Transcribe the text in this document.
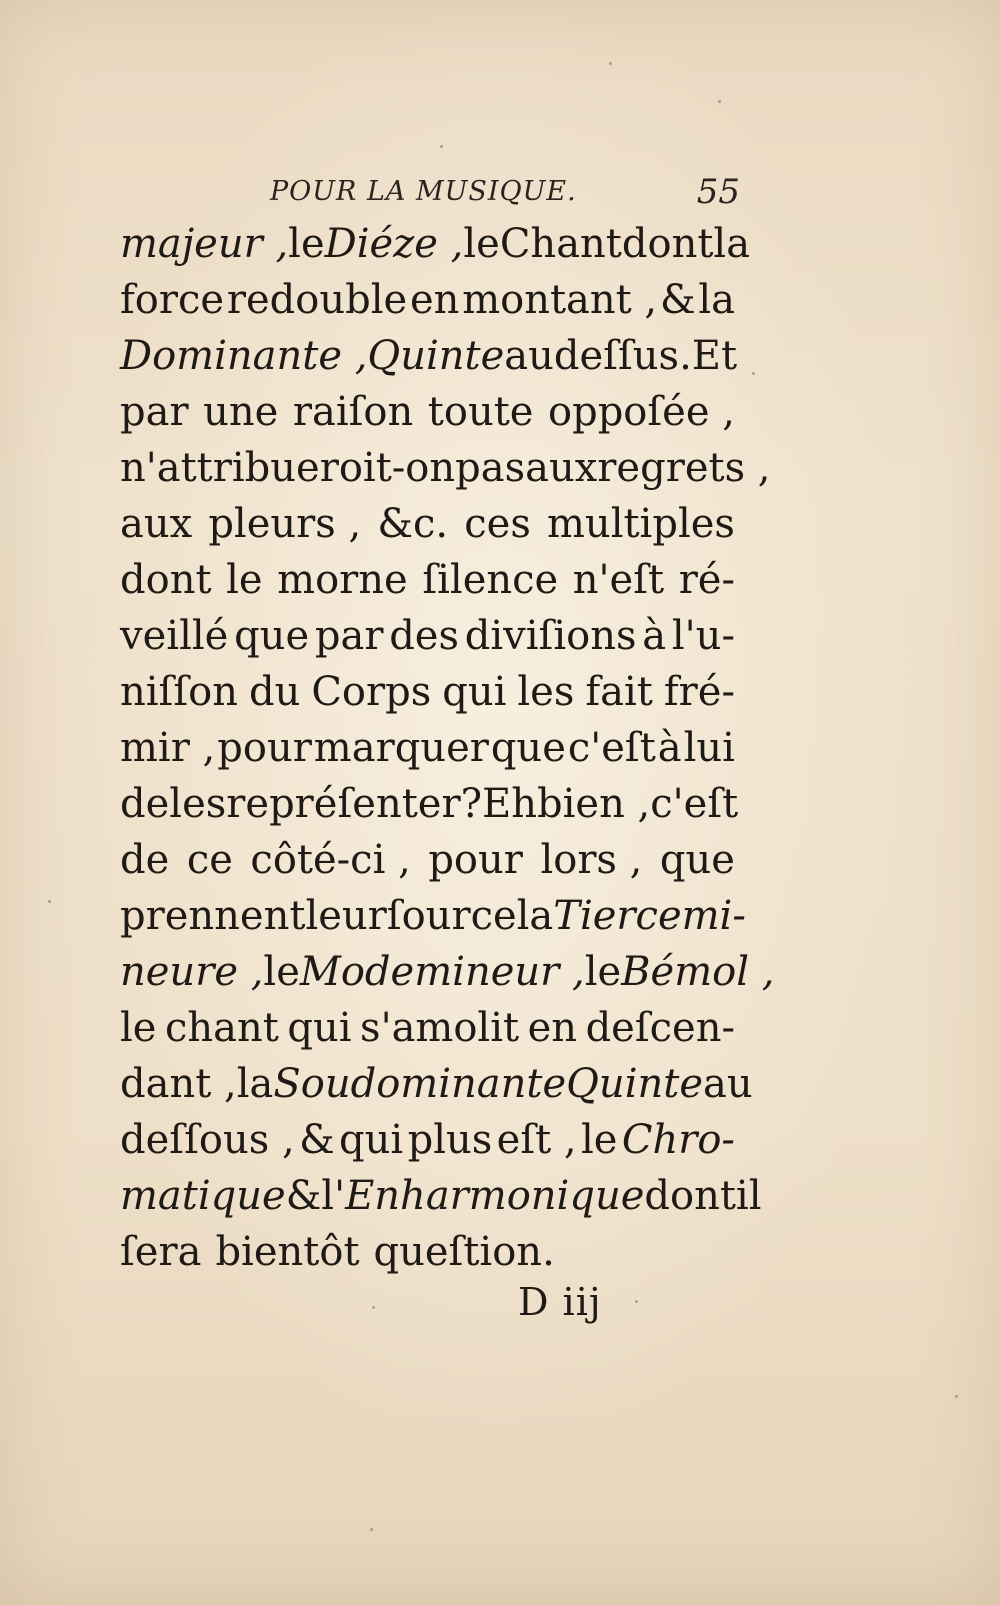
POUR LA MUSIQUE.	55
majeur , le Diéze , le Chant dont la
force redouble en montant , & la
Dominante , Quinte au deſſus. Et
par une raiſon toute oppoſée ,
n'attribueroit-on pas aux regrets ,
aux pleurs , &c. ces multiples
dont le morne ſilence n'eſt ré-
veillé que par des diviſions à l'u-
niſſon du Corps qui les fait fré-
mir , pour marquer que c'eſt à lui
de les repréſenter? Eh bien , c'eſt
de ce côté-ci , pour lors , que
prennent leur ſource la Tierce mi-
neure , le Mode mineur , le Bémol ,
le chant qui s'amolit en deſcen-
dant , la Soudominante Quinte au
deſſous , & qui plus eſt , le Chro-
matique & l' Enharmonique dont il
ſera bientôt queſtion.
D iij
